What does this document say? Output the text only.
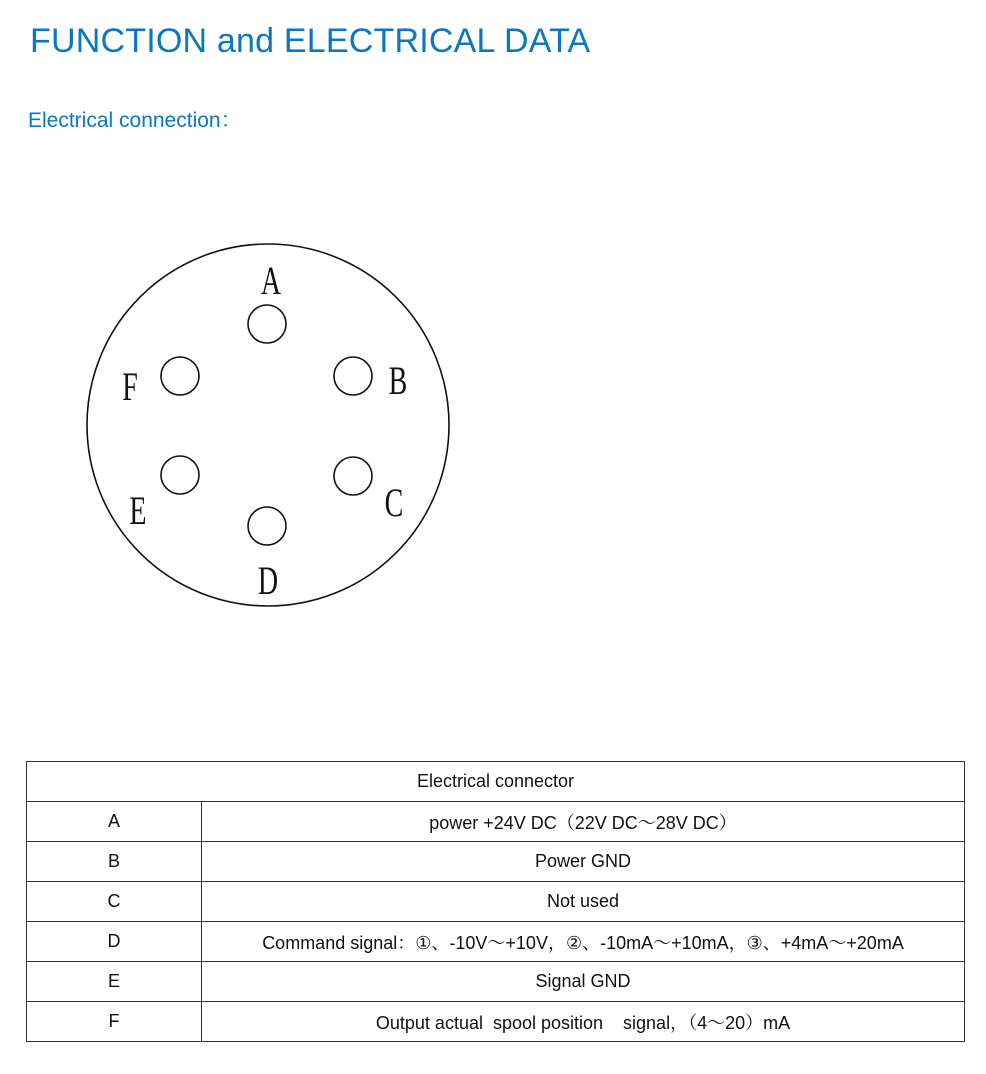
FUNCTION and ELECTRICAL DATA
Electrical connection：
A
B
C
D
E
F
Electrical connector	
A	power +24V DC（22V DC～28V DC）
B	Power GND
C	Not used
D	Command signal：①、-10V～+10V，②、-10mA～+10mA，③、+4mA～+20mA
E	Signal GND
F	Output actual  spool position    signal，（4～20）mA
